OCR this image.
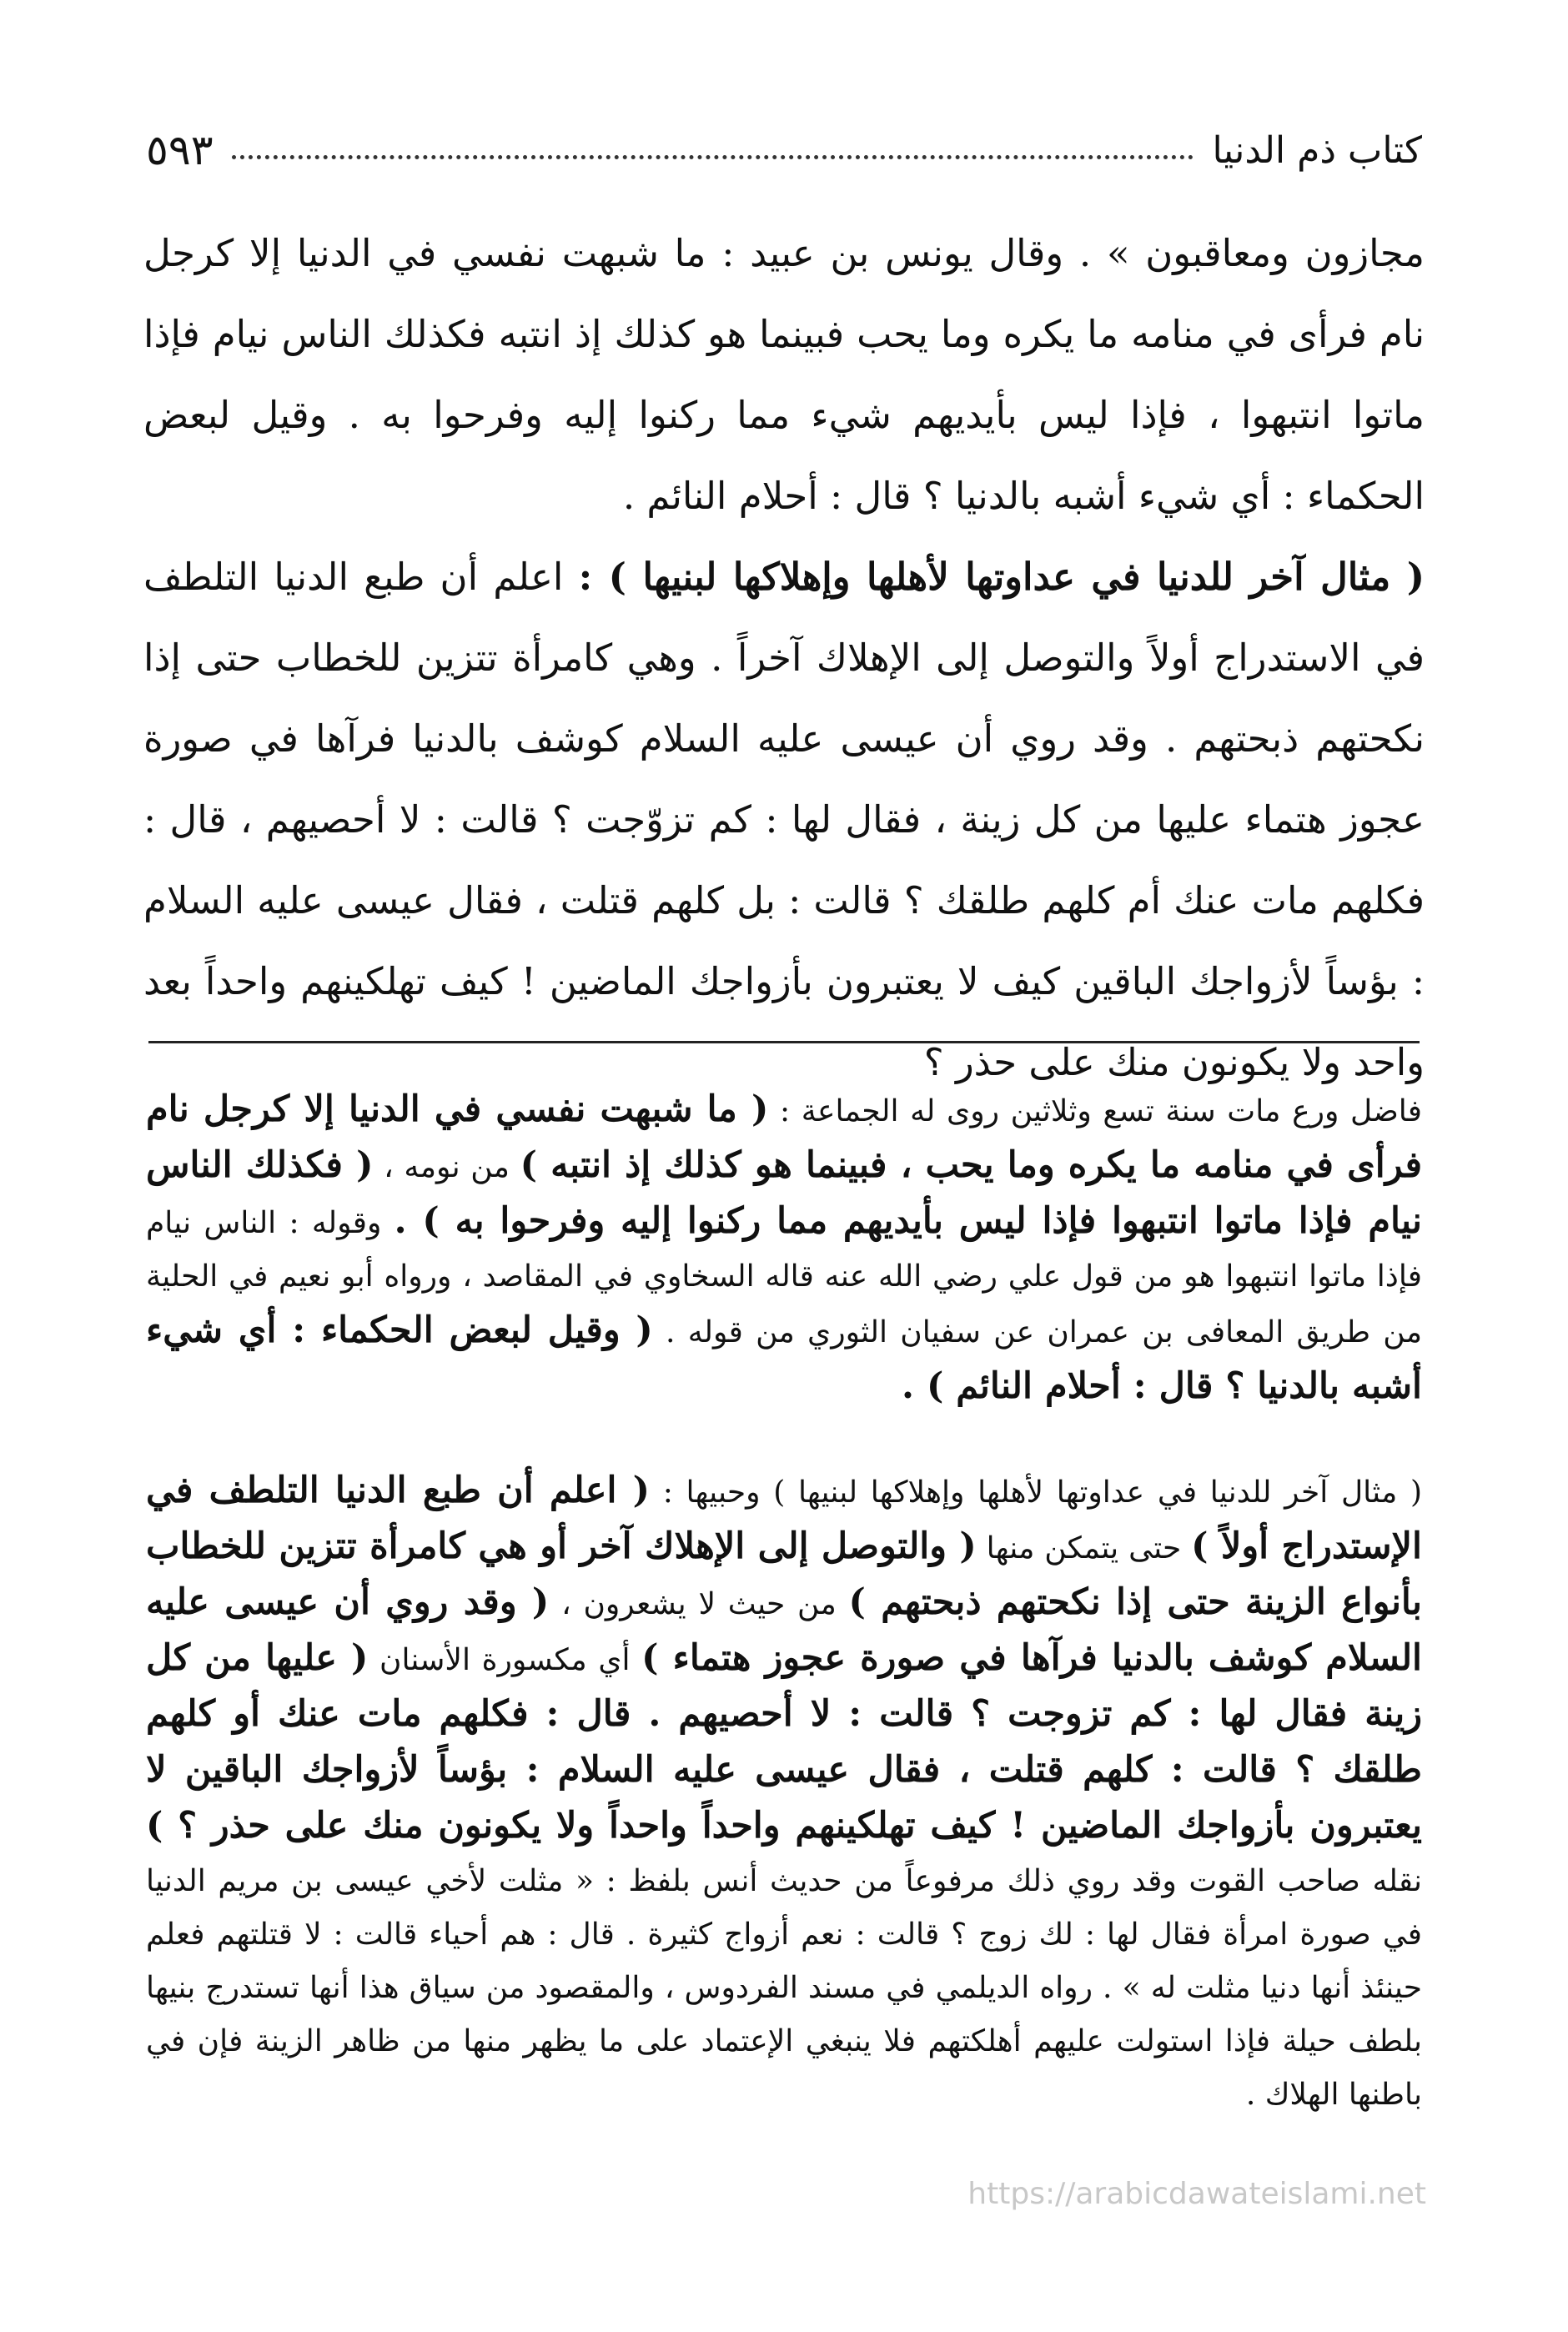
كتاب ذم الدنيا
٥٩٣

مجازون ومعاقبون » . وقال يونس بن عبيد : ما شبهت نفسي في الدنيا إلا كرجل نام فرأى في منامه ما يكره وما يحب فبينما هو كذلك إذ انتبه فكذلك الناس نيام فإذا ماتوا انتبهوا ، فإذا ليس بأيديهم شيء مما ركنوا إليه وفرحوا به . وقيل لبعض الحكماء : أي شيء أشبه بالدنيا ؟ قال : أحلام النائم .

( مثال آخر للدنيا في عداوتها لأهلها وإهلاكها لبنيها ) : اعلم أن طبع الدنيا التلطف في الاستدراج أولاً والتوصل إلى الإهلاك آخراً . وهي كامرأة تتزين للخطاب حتى إذا نكحتهم ذبحتهم . وقد روي أن عيسى عليه السلام كوشف بالدنيا فرآها في صورة عجوز هتماء عليها من كل زينة ، فقال لها : كم تزوّجت ؟ قالت : لا أحصيهم ، قال : فكلهم مات عنك أم كلهم طلقك ؟ قالت : بل كلهم قتلت ، فقال عيسى عليه السلام : بؤساً لأزواجك الباقين كيف لا يعتبرون بأزواجك الماضين ! كيف تهلكينهم واحداً بعد واحد ولا يكونون منك على حذر ؟

فاضل ورع مات سنة تسع وثلاثين روى له الجماعة : ( ما شبهت نفسي في الدنيا إلا كرجل نام فرأى في منامه ما يكره وما يحب ، فبينما هو كذلك إذ انتبه ) من نومه ، ( فكذلك الناس نيام فإذا ماتوا انتبهوا فإذا ليس بأيديهم مما ركنوا إليه وفرحوا به ) . وقوله : الناس نيام فإذا ماتوا انتبهوا هو من قول علي رضي الله عنه قاله السخاوي في المقاصد ، ورواه أبو نعيم في الحلية من طريق المعافى بن عمران عن سفيان الثوري من قوله . ( وقيل لبعض الحكماء : أي شيء أشبه بالدنيا ؟ قال : أحلام النائم ) .

( مثال آخر للدنيا في عداوتها لأهلها وإهلاكها لبنيها ) وحبيها : ( اعلم أن طبع الدنيا التلطف في الإستدراج أولاً ) حتى يتمكن منها ( والتوصل إلى الإهلاك آخر أو هي كامرأة تتزين للخطاب بأنواع الزينة حتى إذا نكحتهم ذبحتهم ) من حيث لا يشعرون ، ( وقد روي أن عيسى عليه السلام كوشف بالدنيا فرآها في صورة عجوز هتماء ) أي مكسورة الأسنان ( عليها من كل زينة فقال لها : كم تزوجت ؟ قالت : لا أحصيهم . قال : فكلهم مات عنك أو كلهم طلقك ؟ قالت : كلهم قتلت ، فقال عيسى عليه السلام : بؤساً لأزواجك الباقين لا يعتبرون بأزواجك الماضين ! كيف تهلكينهم واحداً واحداً ولا يكونون منك على حذر ؟ ) نقله صاحب القوت وقد روي ذلك مرفوعاً من حديث أنس بلفظ : « مثلت لأخي عيسى بن مريم الدنيا في صورة امرأة فقال لها : لك زوج ؟ قالت : نعم أزواج كثيرة . قال : هم أحياء قالت : لا قتلتهم فعلم حينئذ أنها دنيا مثلت له » . رواه الديلمي في مسند الفردوس ، والمقصود من سياق هذا أنها تستدرج بنيها بلطف حيلة فإذا استولت عليهم أهلكتهم فلا ينبغي الإعتماد على ما يظهر منها من ظاهر الزينة فإن في باطنها الهلاك .

https://arabicdawateislami.net
